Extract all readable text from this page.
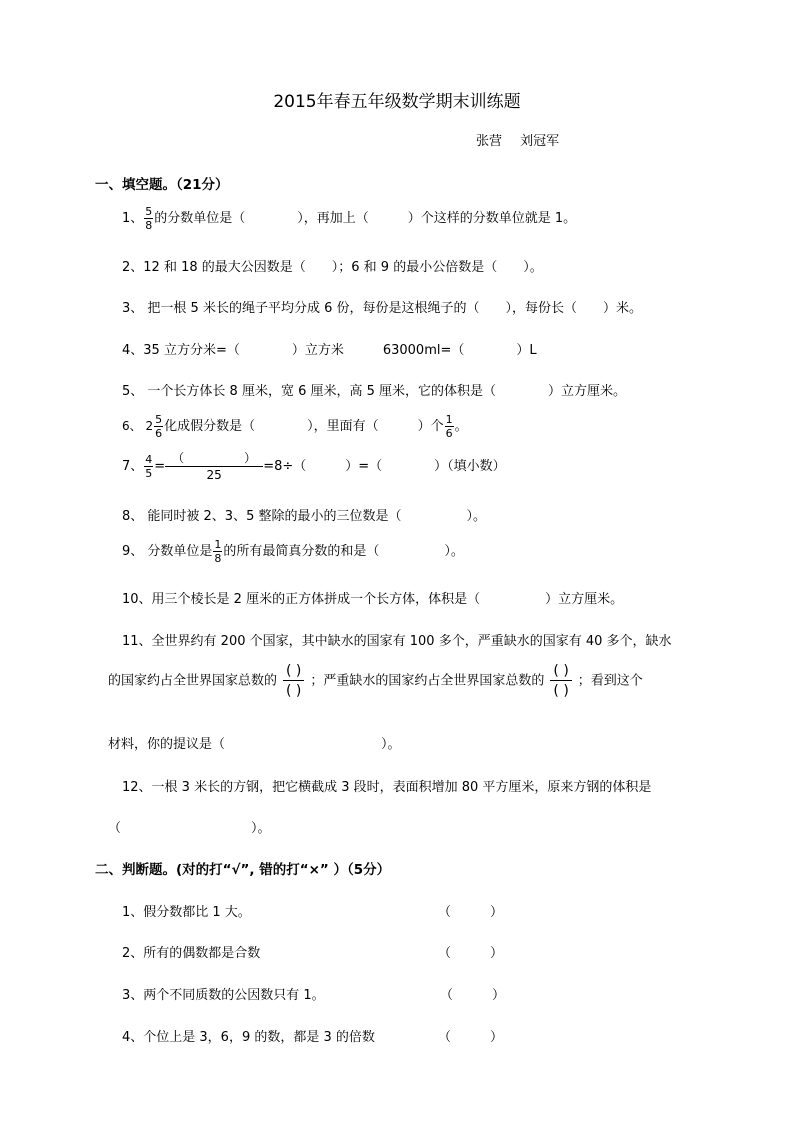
2015年春五年级数学期末训练题
张营 刘冠军
一、填空题。（21分）
1、 $\frac{5}{8}$ 的分数单位是（　　　　），再加上（　　　）个这样的分数单位就是 1。
2、12 和 18 的最大公因数是（　　）；6 和 9 的最小公倍数是（　　）。
3、 把一根 5 米长的绳子平均分成 6 份，每份是这根绳子的（　　），每份长（　　）米。
4、35 立方分米=（　　　　）立方米　　　63000ml=（　　　　）L
5、 一个长方体长 8 厘米，宽 6 厘米，高 5 厘米，它的体积是（　　　　）立方厘米。
6、 $2 \frac{5}{6}$ 化成假分数是（　　　　），里面有（　　　）个 $\frac{1}{6}$ 。
7、 $\frac{4}{5} = \frac{( )}{25} =8\div$（　　　）=（　　　　）（填小数）
8、 能同时被 2、3、5 整除的最小的三位数是（　　　　　）。
9、 分数单位是 $\frac{1}{8}$ 的所有最简真分数的和是（　　　　　）。
10、用三个棱长是 2 厘米的正方体拼成一个长方体，体积是（　　　　　）立方厘米。
11、全世界约有 200 个国家，其中缺水的国家有 100 多个，严重缺水的国家有 40 多个，缺水
的国家约占全世界国家总数的
( )
( )
；严重缺水的国家约占全世界国家总数的
( )
( )
；看到这个
材料，你的提议是（　　　　　　　　　　　　）。
12、一根 3 米长的方钢，把它横截成 3 段时，表面积增加 80 平方厘米，原来方钢的体积是
（　　　　　　　　　　）。
二、判断题。(对的打“√”, 错的打“×” ）（5分）
1、假分数都比 1 大。	（　　　）
2、所有的偶数都是合数	（　　　）
3、两个不同质数的公因数只有 1。	（　　　）
4、个位上是 3，6，9 的数，都是 3 的倍数	（　　　）
